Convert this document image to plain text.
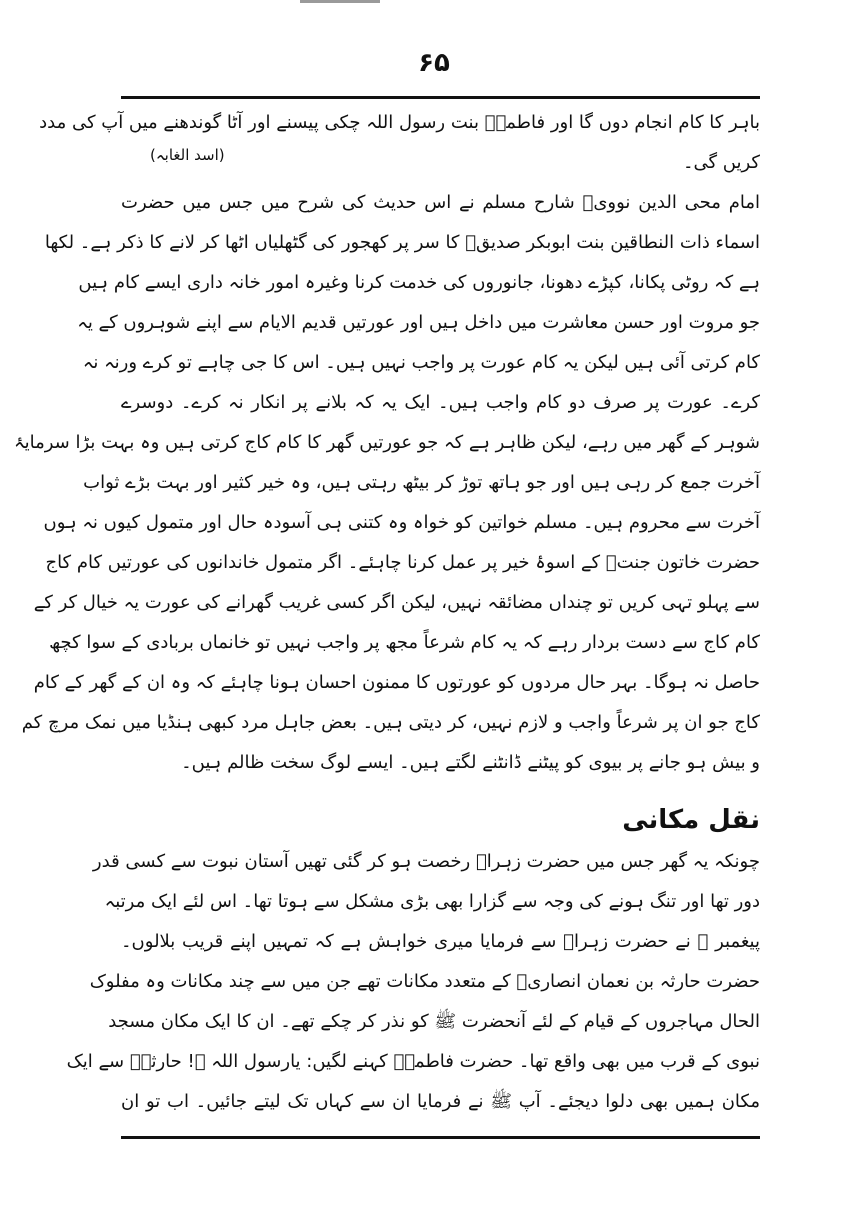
۶۵
باہر کا کام انجام دوں گا اور فاطمہؓ بنت رسول اللہ چکی پیسنے اور آٹا گوندھنے میں آپ کی مدد
کریں گی۔
(اسد الغابہ)
امام محی الدین نوویؒ شارح مسلم نے اس حدیث کی شرح میں جس میں حضرت
اسماء ذات النطاقین بنت ابوبکر صدیقؓ کا سر پر کھجور کی گٹھلیاں اٹھا کر لانے کا ذکر ہے۔ لکھا
ہے کہ روٹی پکانا، کپڑے دھونا، جانوروں کی خدمت کرنا وغیرہ امور خانہ داری ایسے کام ہیں
جو مروت اور حسن معاشرت میں داخل ہیں اور عورتیں قدیم الایام سے اپنے شوہروں کے یہ
کام کرتی آئی ہیں لیکن یہ کام عورت پر واجب نہیں ہیں۔ اس کا جی چاہے تو کرے ورنہ نہ
کرے۔ عورت پر صرف دو کام واجب ہیں۔ ایک یہ کہ بلانے پر انکار نہ کرے۔ دوسرے
شوہر کے گھر میں رہے، لیکن ظاہر ہے کہ جو عورتیں گھر کا کام کاج کرتی ہیں وہ بہت بڑا سرمایۂ
آخرت جمع کر رہی ہیں اور جو ہاتھ توڑ کر بیٹھ رہتی ہیں، وہ خیر کثیر اور بہت بڑے ثواب
آخرت سے محروم ہیں۔ مسلم خواتین کو خواہ وہ کتنی ہی آسودہ حال اور متمول کیوں نہ ہوں
حضرت خاتون جنتؓ کے اسوۂ خیر پر عمل کرنا چاہئے۔ اگر متمول خاندانوں کی عورتیں کام کاج
سے پہلو تہی کریں تو چنداں مضائقہ نہیں، لیکن اگر کسی غریب گھرانے کی عورت یہ خیال کر کے
کام کاج سے دست بردار رہے کہ یہ کام شرعاً مجھ پر واجب نہیں تو خانماں بربادی کے سوا کچھ
حاصل نہ ہوگا۔ بہر حال مردوں کو عورتوں کا ممنون احسان ہونا چاہئے کہ وہ ان کے گھر کے کام
کاج جو ان پر شرعاً واجب و لازم نہیں، کر دیتی ہیں۔ بعض جاہل مرد کبھی ہنڈیا میں نمک مرچ کم
و بیش ہو جانے پر بیوی کو پیٹنے ڈانٹنے لگتے ہیں۔ ایسے لوگ سخت ظالم ہیں۔
نقل مکانی
چونکہ یہ گھر جس میں حضرت زہراؓ رخصت ہو کر گئی تھیں آستان نبوت سے کسی قدر
دور تھا اور تنگ ہونے کی وجہ سے گزارا بھی بڑی مشکل سے ہوتا تھا۔ اس لئے ایک مرتبہ
پیغمبر ﷺ نے حضرت زہراؓ سے فرمایا میری خواہش ہے کہ تمہیں اپنے قریب بلالوں۔
حضرت حارثہ بن نعمان انصاریؓ کے متعدد مکانات تھے جن میں سے چند مکانات وہ مفلوک
الحال مہاجروں کے قیام کے لئے آنحضرت ﷺ کو نذر کر چکے تھے۔ ان کا ایک مکان مسجد
نبوی کے قرب میں بھی واقع تھا۔ حضرت فاطمہؓ کہنے لگیں: یارسول اللہ ﷺ! حارثہؓ سے ایک
مکان ہمیں بھی دلوا دیجئے۔ آپ ﷺ نے فرمایا ان سے کہاں تک لیتے جائیں۔ اب تو ان
